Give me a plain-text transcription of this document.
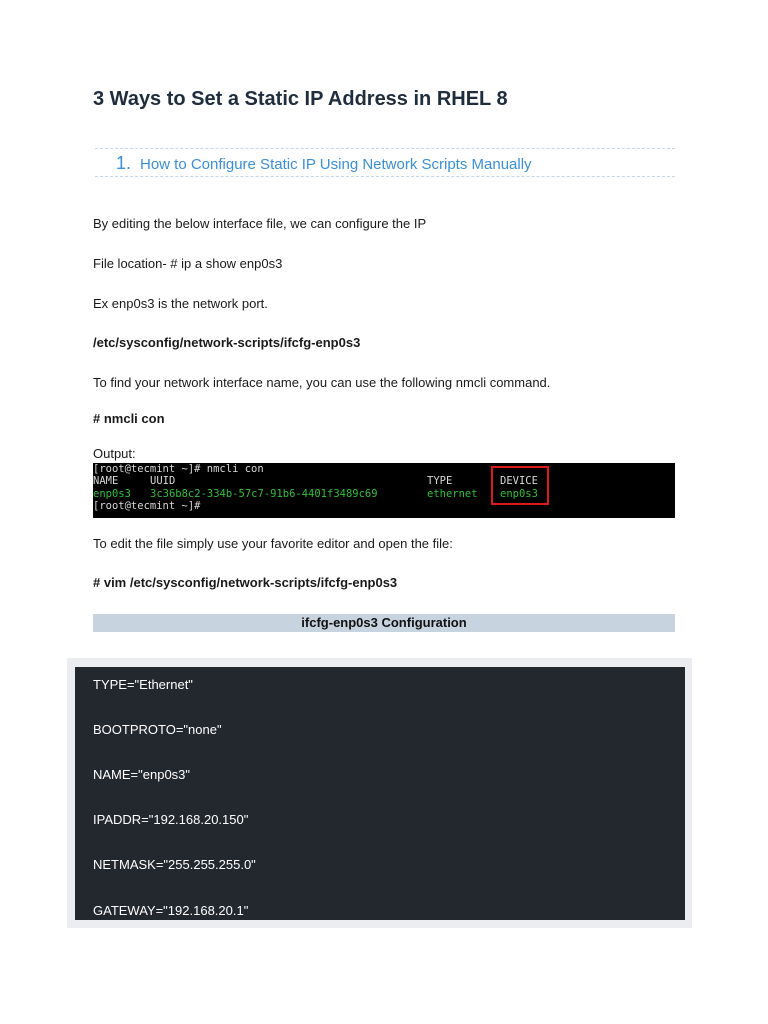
3 Ways to Set a Static IP Address in RHEL 8
1. How to Configure Static IP Using Network Scripts Manually
By editing the below interface file, we can configure the IP
File location- # ip a show enp0s3
Ex enp0s3 is the network port.
/etc/sysconfig/network-scripts/ifcfg-enp0s3
To find your network interface name, you can use the following nmcli command.
# nmcli con
Output:
[root@tecmint ~]# nmcli con
NAME	UUID	TYPE	DEVICE
enp0s3 3c36b8c2-334b-57c7-91b6-4401f3489c69	ethernet enp0s3
[root@tecmint ~]#
To edit the file simply use your favorite editor and open the file:
# vim /etc/sysconfig/network-scripts/ifcfg-enp0s3
ifcfg-enp0s3 Configuration
TYPE="Ethernet"
BOOTPROTO="none"
NAME="enp0s3"
IPADDR="192.168.20.150"
NETMASK="255.255.255.0"
GATEWAY="192.168.20.1"
